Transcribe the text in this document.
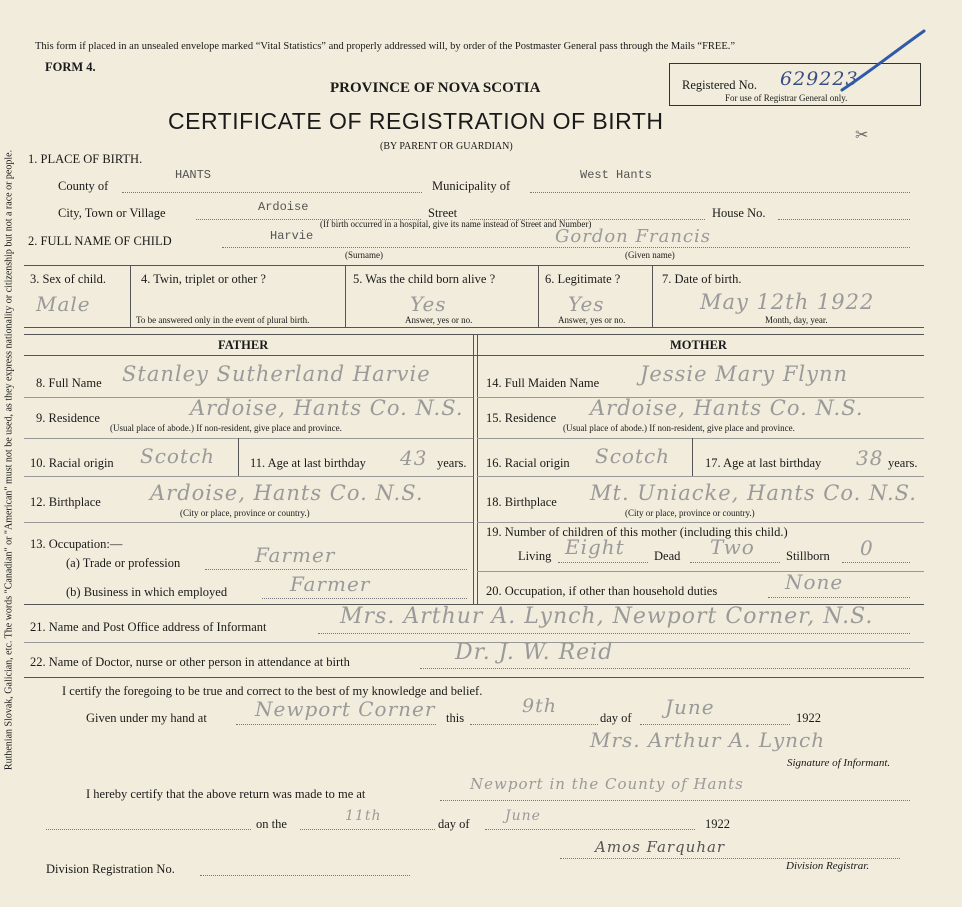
Ruthenian Slovak, Galician, etc. The words "Canadian" or "American" must not be used, as they express nationality or citizenship but not a race or people.
This form if placed in an unsealed envelope marked “Vital Statistics” and properly addressed will, by order of the Postmaster General pass through the Mails “FREE.”
FORM 4.
PROVINCE OF NOVA SCOTIA
CERTIFICATE OF REGISTRATION OF BIRTH
(BY PARENT OR GUARDIAN)
Registered No. 629223
For use of Registrar General only.
✂
1. PLACE OF BIRTH.
County of
HANTS
Municipality of
West Hants
City, Town or Village	Ardoise	Street
(If birth occurred in a hospital, give its name instead of Street and Number)
House No.
2. FULL NAME OF CHILD	Harvie
(Surname)
Gordon Francis
(Given name)
3. Sex of child.
Male
4. Twin, triplet or other ?
To be answered only in the event of plural birth.
5. Was the child born alive ?
Yes
Answer, yes or no.
6. Legitimate ?
Yes
Answer, yes or no.
7. Date of birth.
May 12th 1922
Month, day, year.
FATHER	MOTHER
8. Full Name Stanley Sutherland Harvie
9. Residence	Ardoise, Hants Co. N.S.
(Usual place of abode.) If non-resident, give place and province.
10. Racial origin Scotch	11. Age at last birthday 43 years.
12. Birthplace Ardoise, Hants Co. N.S.
(City or place, province or country.)
13. Occupation:—
(a) Trade or profession	Farmer
(b) Business in which employed	Farmer
14. Full Maiden Name Jessie Mary Flynn
15. Residence Ardoise, Hants Co. N.S.
(Usual place of abode.) If non-resident, give place and province.
16. Racial origin Scotch	17. Age at last birthday 38 years.
18. Birthplace Mt. Uniacke, Hants Co. N.S.
(City or place, province or country.)
19. Number of children of this mother (including this child.)
Living Eight Dead Two Stillborn 0
20. Occupation, if other than household duties	None
21. Name and Post Office address of Informant	Mrs. Arthur A. Lynch, Newport Corner, N.S.
22. Name of Doctor, nurse or other person in attendance at birth	Dr. J. W. Reid
I certify the foregoing to be true and correct to the best of my knowledge and belief.
Given under my hand at Newport Corner this
9th
day of June	1922
Mrs. Arthur A. Lynch
Signature of Informant.
I hereby certify that the above return was made to me at
Newport in the County of Hants
on the	11th	day of	June	1922
Division Registration No.
Amos Farquhar
Division Registrar.
